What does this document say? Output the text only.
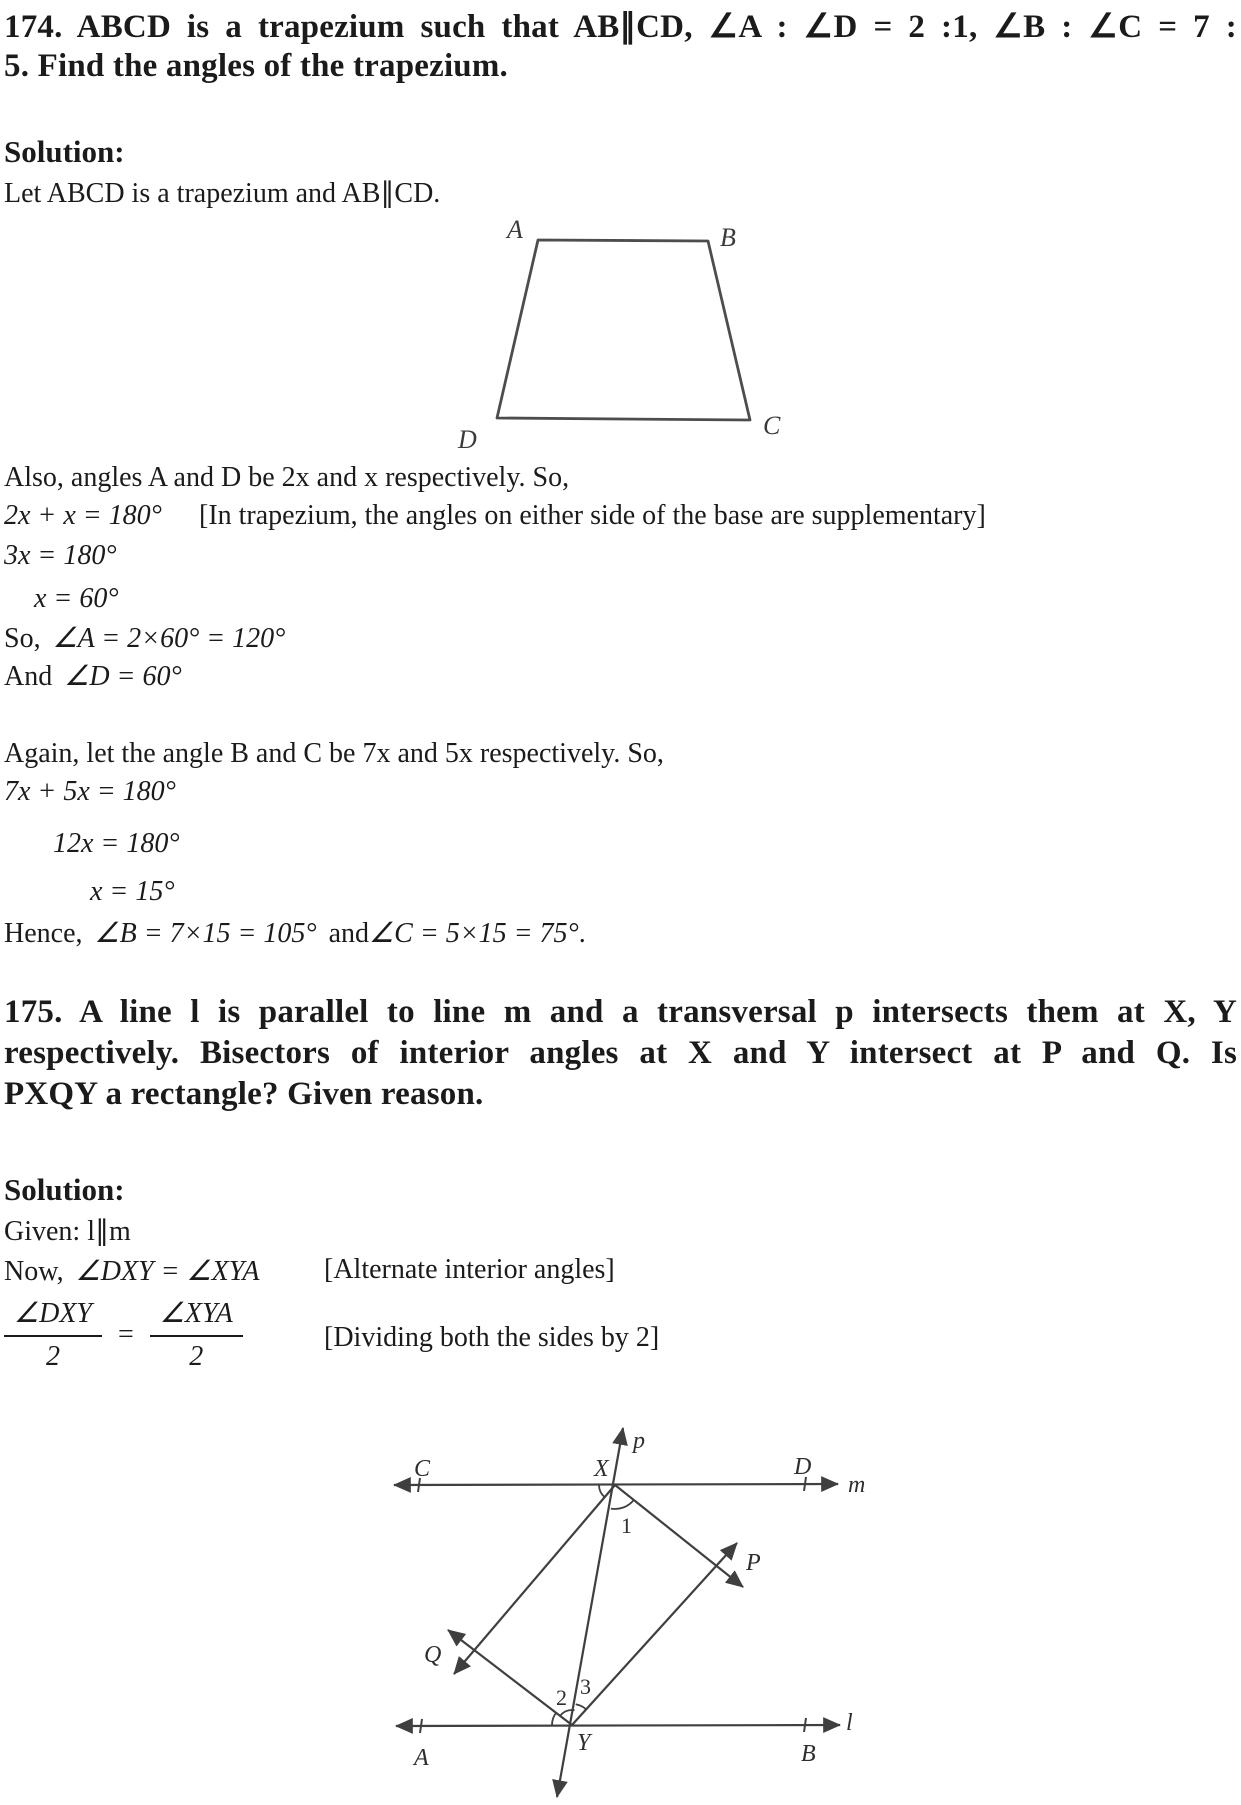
174. ABCD is a trapezium such that AB∥CD, ∠A : ∠D = 2 :1, ∠B : ∠C = 7 :
5. Find the angles of the trapezium.
Solution:
Let ABCD is a trapezium and AB∥CD.
A	B
C
D
Also, angles A and D be 2x and x respectively. So,
2x + x = 180° [In trapezium, the angles on either side of the base are supplementary]
3x = 180°
x = 60°
So, ∠A = 2×60° = 120°
And ∠D = 60°
Again, let the angle B and C be 7x and 5x respectively. So,
7x + 5x = 180°
12x = 180°
x = 15°
Hence, ∠B = 7×15 = 105° and∠C = 5×15 = 75°.
175. A line l is parallel to line m and a transversal p intersects them at X, Y
respectively. Bisectors of interior angles at X and Y intersect at P and Q. Is
PXQY a rectangle? Given reason.
Solution:
Given: l∥m
Now, ∠DXY = ∠XYA [Alternate interior angles]
$\frac{\text{∠DXY}}{2} = \frac{\text{∠XYA}}{2}$	[Dividing both the sides by 2]
p
m
l
C	D
X
Y
A	B
P
Q
1
2 3
